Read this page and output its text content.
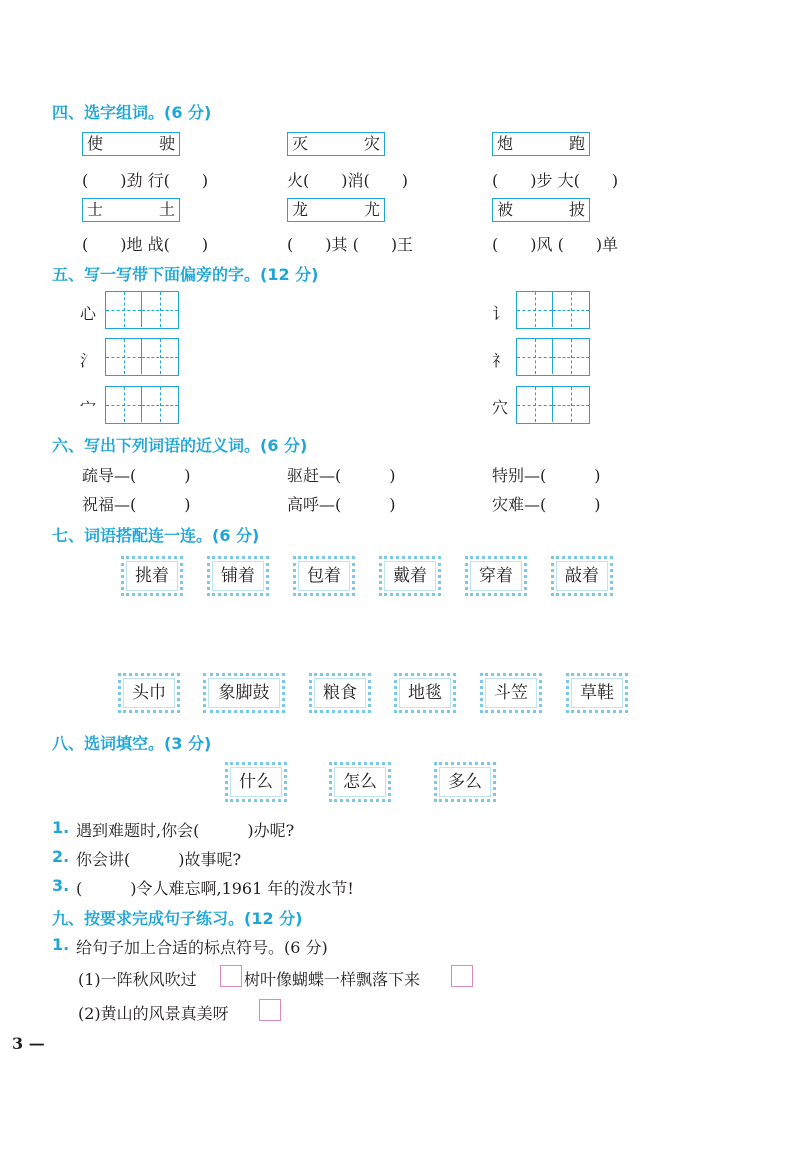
四、选字组词。(6 分)
使	驶	灭	灾	炮	跑
(　　)劲 行(　　)	火(　　)消(　　)	(　　)步 大(　　)
士	土	龙	尤	被	披
(　　)地 战(　　)	(　　)其 (　　)王	(　　)风 (　　)单
五、写一写带下面偏旁的字。(12 分)
心
氵
宀
讠
礻
穴
六、写出下列词语的近义词。(6 分)
疏导—(　　　)	驱赶—(　　　)	特别—(　　　)
祝福—(　　　)	高呼—(　　　)	灾难—(　　　)
七、词语搭配连一连。(6 分)
挑着	铺着	包着	戴着	穿着	敲着
头巾	象脚鼓	粮食	地毯	斗笠	草鞋
八、选词填空。(3 分)
什么	怎么	多么
1. 遇到难题时,你会(　　　)办呢?
2. 你会讲(　　　)故事呢?
3. (　　　)令人难忘啊,1961 年的泼水节!
九、按要求完成句子练习。(12 分)
1. 给句子加上合适的标点符号。(6 分)
(1)一阵秋风吹过	树叶像蝴蝶一样飘落下来
(2)黄山的风景真美呀
3 —
